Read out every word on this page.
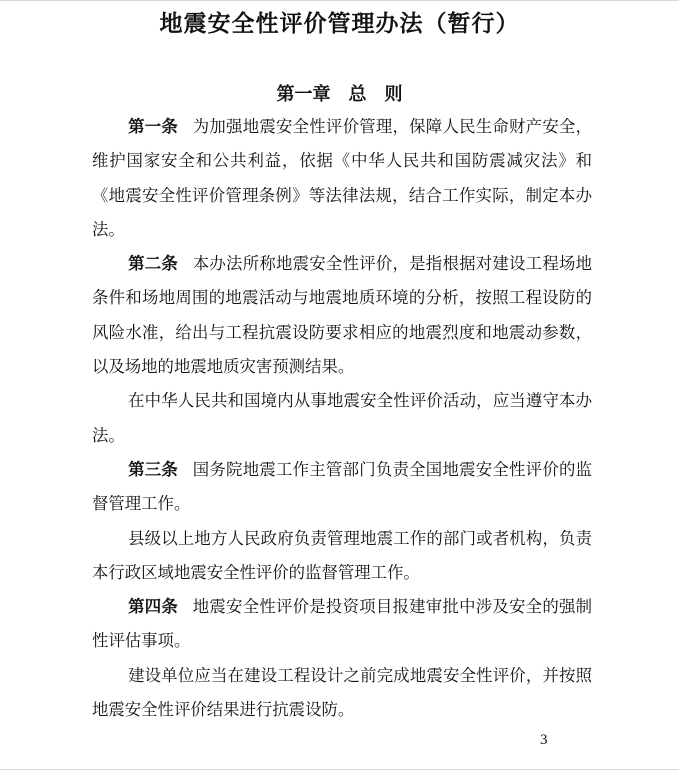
地震安全性评价管理办法（暂行）
第一章　总　则

第一条 为加强地震安全性评价管理，保障人民生命财产安全，维护国家安全和公共利益，依据《中华人民共和国防震减灾法》和《地震安全性评价管理条例》等法律法规，结合工作实际，制定本办法。

第二条 本办法所称地震安全性评价，是指根据对建设工程场地条件和场地周围的地震活动与地震地质环境的分析，按照工程设防的风险水准，给出与工程抗震设防要求相应的地震烈度和地震动参数，以及场地的地震地质灾害预测结果。

在中华人民共和国境内从事地震安全性评价活动，应当遵守本办法。

第三条 国务院地震工作主管部门负责全国地震安全性评价的监督管理工作。

县级以上地方人民政府负责管理地震工作的部门或者机构，负责本行政区域地震安全性评价的监督管理工作。

第四条 地震安全性评价是投资项目报建审批中涉及安全的强制性评估事项。

建设单位应当在建设工程设计之前完成地震安全性评价，并按照地震安全性评价结果进行抗震设防。

3
